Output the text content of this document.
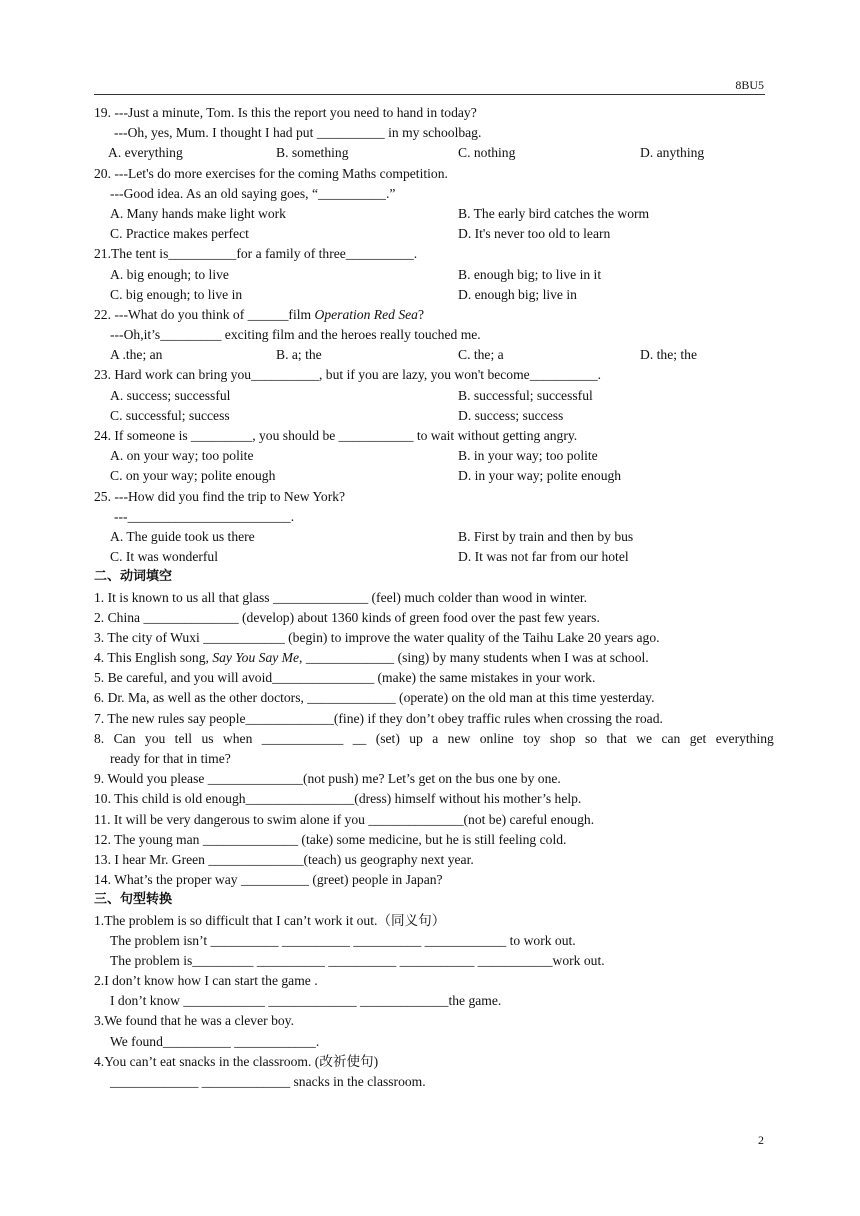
8BU5
19. ---Just a minute, Tom. Is this the report you need to hand in today?
---Oh, yes, Mum. I thought I had put __________ in my schoolbag.
A. everything	B. something	C. nothing	D. anything
20. ---Let's do more exercises for the coming Maths competition.
---Good idea. As an old saying goes, “__________.”
A. Many hands make light work	B. The early bird catches the worm
C. Practice makes perfect	D. It's never too old to learn
21.The tent is__________for a family of three__________.
A. big enough; to live	B. enough big; to live in it
C. big enough; to live in	D. enough big; live in
22. ---What do you think of ______film Operation Red Sea?
---Oh,it’s_________ exciting film and the heroes really touched me.
A .the; an	B. a; the	C. the; a	D. the; the
23. Hard work can bring you__________, but if you are lazy, you won't become__________.
A. success; successful	B. successful; successful
C. successful; success	D. success; success
24. If someone is _________, you should be ___________ to wait without getting angry.
A. on your way; too polite	B. in your way; too polite
C. on your way; polite enough	D. in your way; polite enough
25. ---How did you find the trip to New York?
---________________________.
A. The guide took us there	B. First by train and then by bus
C. It was wonderful	D. It was not far from our hotel
二、动词填空
1. It is known to us all that glass ______________ (feel) much colder than wood in winter.
2. China ______________ (develop) about 1360 kinds of green food over the past few years.
3. The city of Wuxi ____________ (begin) to improve the water quality of the Taihu Lake 20 years ago.
4. This English song, Say You Say Me, _____________ (sing) by many students when I was at school.
5. Be careful, and you will avoid_______________ (make) the same mistakes in your work.
6. Dr. Ma, as well as the other doctors, _____________ (operate) on the old man at this time yesterday.
7. The new rules say people_____________(fine) if they don’t obey traffic rules when crossing the road.
8. Can you tell us when ____________ __ (set) up a new online toy shop so that we can get everything
ready for that in time?
9. Would you please ______________(not push) me? Let’s get on the bus one by one.
10. This child is old enough________________(dress) himself without his mother’s help.
11. It will be very dangerous to swim alone if you ______________(not be) careful enough.
12. The young man ______________ (take) some medicine, but he is still feeling cold.
13. I hear Mr. Green ______________(teach) us geography next year.
14. What’s the proper way __________ (greet) people in Japan?
三、句型转换
1.The problem is so difficult that I can’t work it out.（同义句）
The problem isn’t __________ __________ __________ ____________ to work out.
The problem is_________ __________ __________ ___________ ___________work out.
2.I don’t know how I can start the game .
I don’t know ____________ _____________ _____________the game.
3.We found that he was a clever boy.
We found__________ ____________.
4.You can’t eat snacks in the classroom. (改祈使句)
_____________ _____________ snacks in the classroom.
2
